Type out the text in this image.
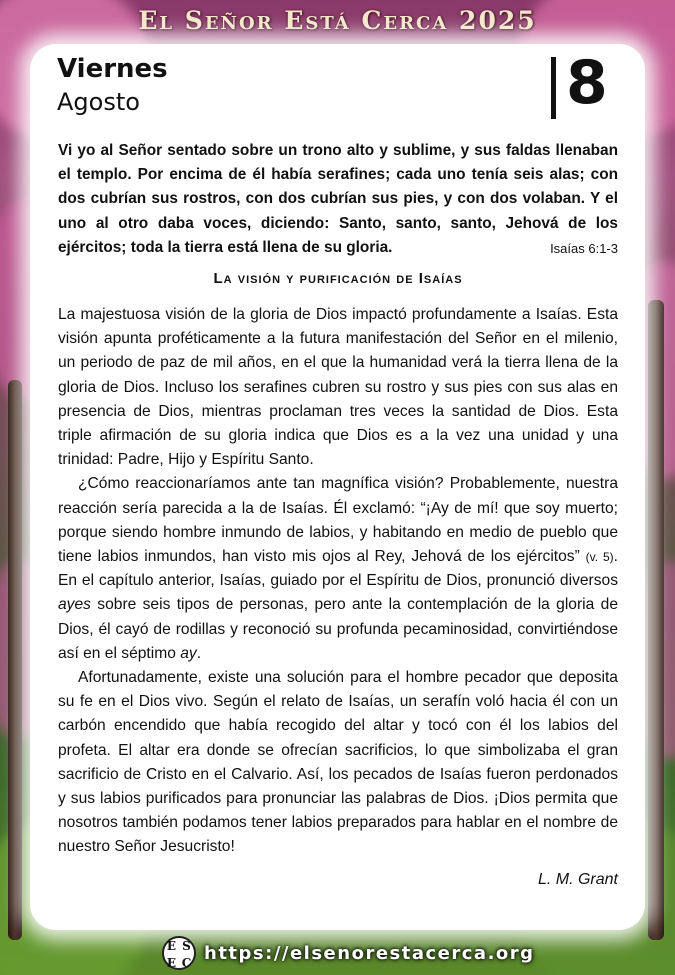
El Señor Está Cerca 2025
Viernes
Agosto	8
Vi yo al Señor sentado sobre un trono alto y sublime, y sus faldas llenaban el templo. Por encima de él había serafines; cada uno tenía seis alas; con dos cubrían sus rostros, con dos cubrían sus pies, y con dos volaban. Y el uno al otro daba voces, diciendo: Santo, santo, santo, Jehová de los ejércitos; toda la tierra está llena de su gloria.	Isaías 6:1-3
La visión y purificación de Isaías

La majestuosa visión de la gloria de Dios impactó profundamente a Isaías. Esta visión apunta proféticamente a la futura manifestación del Señor en el milenio, un periodo de paz de mil años, en el que la humanidad verá la tierra llena de la gloria de Dios. Incluso los serafines cubren su rostro y sus pies con sus alas en presencia de Dios, mientras proclaman tres veces la santidad de Dios. Esta triple afirmación de su gloria indica que Dios es a la vez una unidad y una trinidad: Padre, Hijo y Espíritu Santo.

¿Cómo reaccionaríamos ante tan magnífica visión? Probablemente, nuestra reacción sería parecida a la de Isaías. Él exclamó: “¡Ay de mí! que soy muerto; porque siendo hombre inmundo de labios, y habitando en medio de pueblo que tiene labios inmundos, han visto mis ojos al Rey, Jehová de los ejércitos” (v. 5). En el capítulo anterior, Isaías, guiado por el Espíritu de Dios, pronunció diversos ayes sobre seis tipos de personas, pero ante la contemplación de la gloria de Dios, él cayó de rodillas y reconoció su profunda pecaminosidad, convirtiéndose así en el séptimo ay.

Afortunadamente, existe una solución para el hombre pecador que deposita su fe en el Dios vivo. Según el relato de Isaías, un serafín voló hacia él con un carbón encendido que había recogido del altar y tocó con él los labios del profeta. El altar era donde se ofrecían sacrificios, lo que simbolizaba el gran sacrificio de Cristo en el Calvario. Así, los pecados de Isaías fueron perdonados y sus labios purificados para pronunciar las palabras de Dios. ¡Dios permita que nosotros también podamos tener labios preparados para hablar en el nombre de nuestro Señor Jesucristo!

L. M. Grant
E S
E C https://elsenorestacerca.org
